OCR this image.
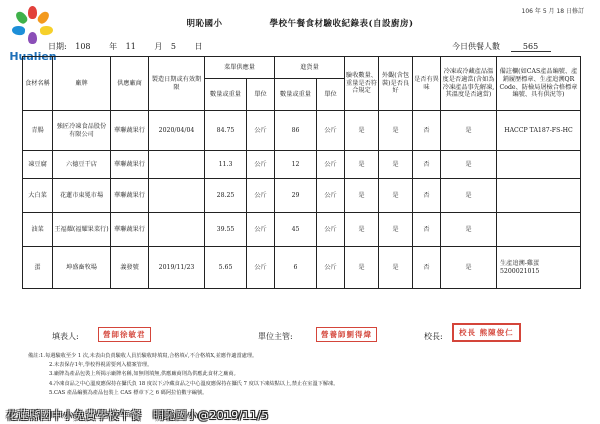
Hualien
106 年 5 月 18 日修訂
明恥國小	學校午餐食材驗收紀錄表(自設廚房)
日期: 108 年 11 月 5 日	今日供餐人數	565
食材名稱	廠牌	供應廠商	製造日期或有效期限	菜單供應量		進貨量		驗收數量、重量是否符合規定	外觀(含包裝)是否良好	是否有異味	冷凍或冷藏產品溫度是否適當(含如為冷凍產品事先解凍,其溫度是否適當)	備註欄(如CAS產品編號、產銷履歷標章、生產追溯QR Code、防檢局屠檢合格標章編號、具有供況等)
				數量或重量	單位	數量或重量	單位					
青腸	強匠冷凍食品股份有限公司	華聯蔬果行	2020/04/04	84.75	公斤	86	公斤	是	是	否	是	HACCP TA187-FS-HC
凍豆腐	六德豆干店	華聯蔬果行		11.3	公斤	12	公斤	是	是	否	是	
大白菜	花蓮市東冕市場	華聯蔬果行		28.25	公斤	29	公斤	是	是	否	是	
油菜	王福耀(福耀果菜行)	華聯蔬果行		39.55	公斤	45	公斤	是	是	否	是	
蛋	坤盛畜牧場	義發號	2019/11/23	5.65	公斤	6	公斤	是	是	否	是	生產追溯-雞蛋 5200021015
填表人:	營師徐敏君	單位主管:	營養師劉得煒	校長:	校長 熊陳俊仁
備註:1.每週驗收至少 1 次,未表由負責驗收人員於驗收時填寫,合格填√,不合格填X,並應作適當處理。
2.未表保存1年,學校得視需要列入檔案管理。
3.廠牌為產品包裝上所揭示廠牌名稱,如無則填無,供應廠商則為供應此食材之廠商。
4.冷凍食品之中心溫度應保持在攝氏負 18 度以下;冷藏食品之中心溫度應保持在攝氏 7 度以下凍結點以上,禁止在室溫下解凍。
5.CAS 產品編號為產品包裝上 CAS 標章下之 6 碼阿拉伯數字編號。
花蓮縣國中小免費學校午餐　明恥國小@2019/11/5
